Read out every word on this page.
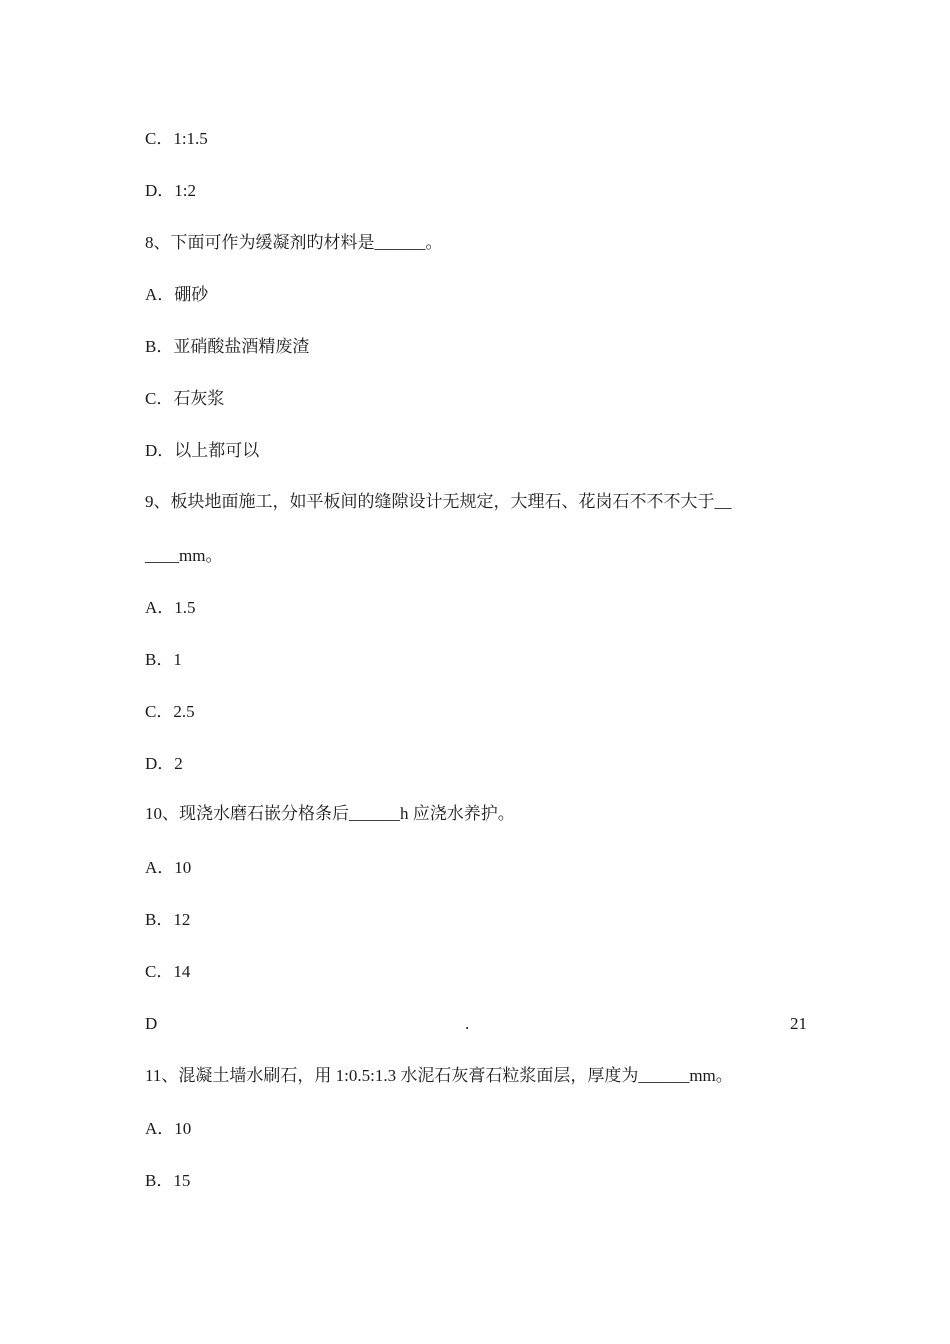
C．1:1.5
D．1:2
8、下面可作为缓凝剂旳材料是______。
A．硼砂
B．亚硝酸盐酒精废渣
C．石灰浆
D．以上都可以
9、板块地面施工，如平板间的缝隙设计无规定，大理石、花岗石不不不大于__
____mm。
A．1.5
B．1
C．2.5
D．2
10、现浇水磨石嵌分格条后______h 应浇水养护。
A．10
B．12
C．14
D	.	21
11、混凝土墙水刷石，用 1:0.5:1.3 水泥石灰膏石粒浆面层，厚度为______mm。
A．10
B．15
